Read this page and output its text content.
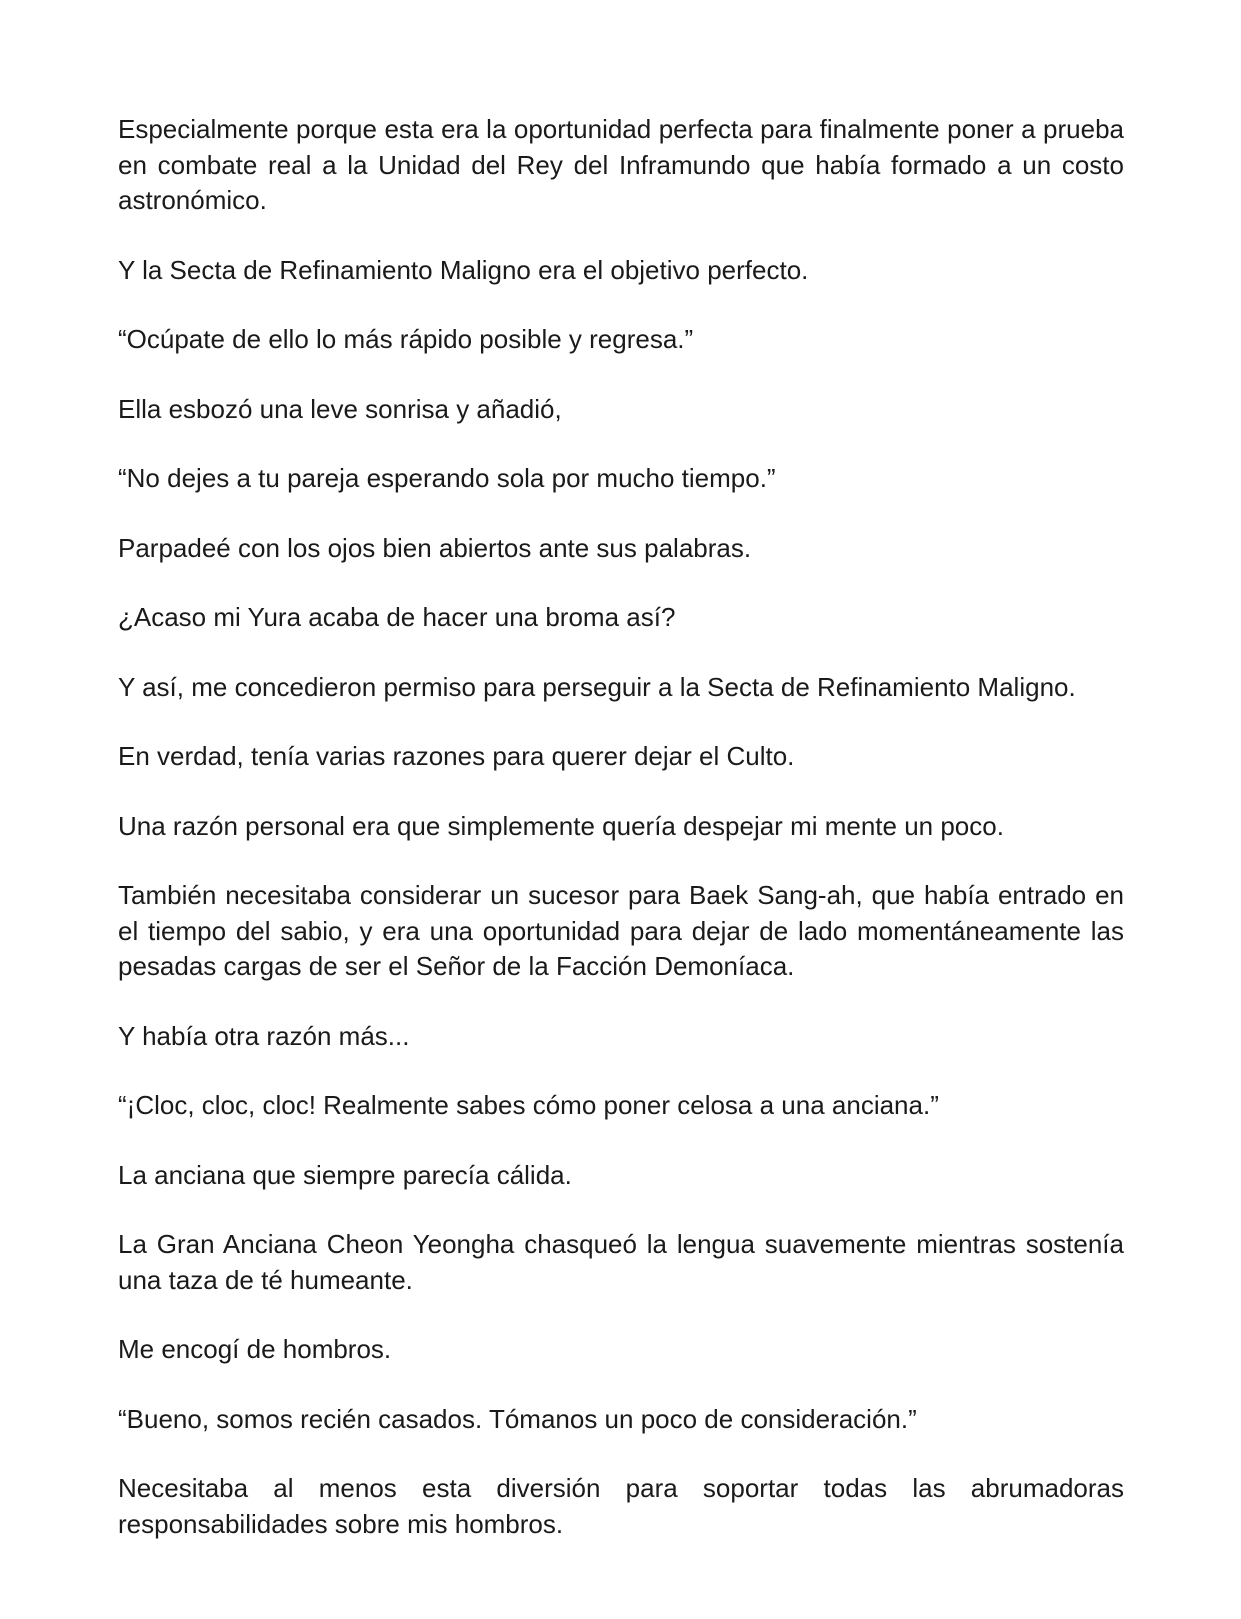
Especialmente porque esta era la oportunidad perfecta para finalmente poner a prueba en combate real a la Unidad del Rey del Inframundo que había formado a un costo astronómico.

Y la Secta de Refinamiento Maligno era el objetivo perfecto.

“Ocúpate de ello lo más rápido posible y regresa.”

Ella esbozó una leve sonrisa y añadió,

“No dejes a tu pareja esperando sola por mucho tiempo.”

Parpadeé con los ojos bien abiertos ante sus palabras.

¿Acaso mi Yura acaba de hacer una broma así?

Y así, me concedieron permiso para perseguir a la Secta de Refinamiento Maligno.

En verdad, tenía varias razones para querer dejar el Culto.

Una razón personal era que simplemente quería despejar mi mente un poco.

También necesitaba considerar un sucesor para Baek Sang-ah, que había entrado en el tiempo del sabio, y era una oportunidad para dejar de lado momentáneamente las pesadas cargas de ser el Señor de la Facción Demoníaca.

Y había otra razón más...

“¡Cloc, cloc, cloc! Realmente sabes cómo poner celosa a una anciana.”

La anciana que siempre parecía cálida.

La Gran Anciana Cheon Yeongha chasqueó la lengua suavemente mientras sostenía una taza de té humeante.

Me encogí de hombros.

“Bueno, somos recién casados. Tómanos un poco de consideración.”

Necesitaba al menos esta diversión para soportar todas las abrumadoras responsabilidades sobre mis hombros.
